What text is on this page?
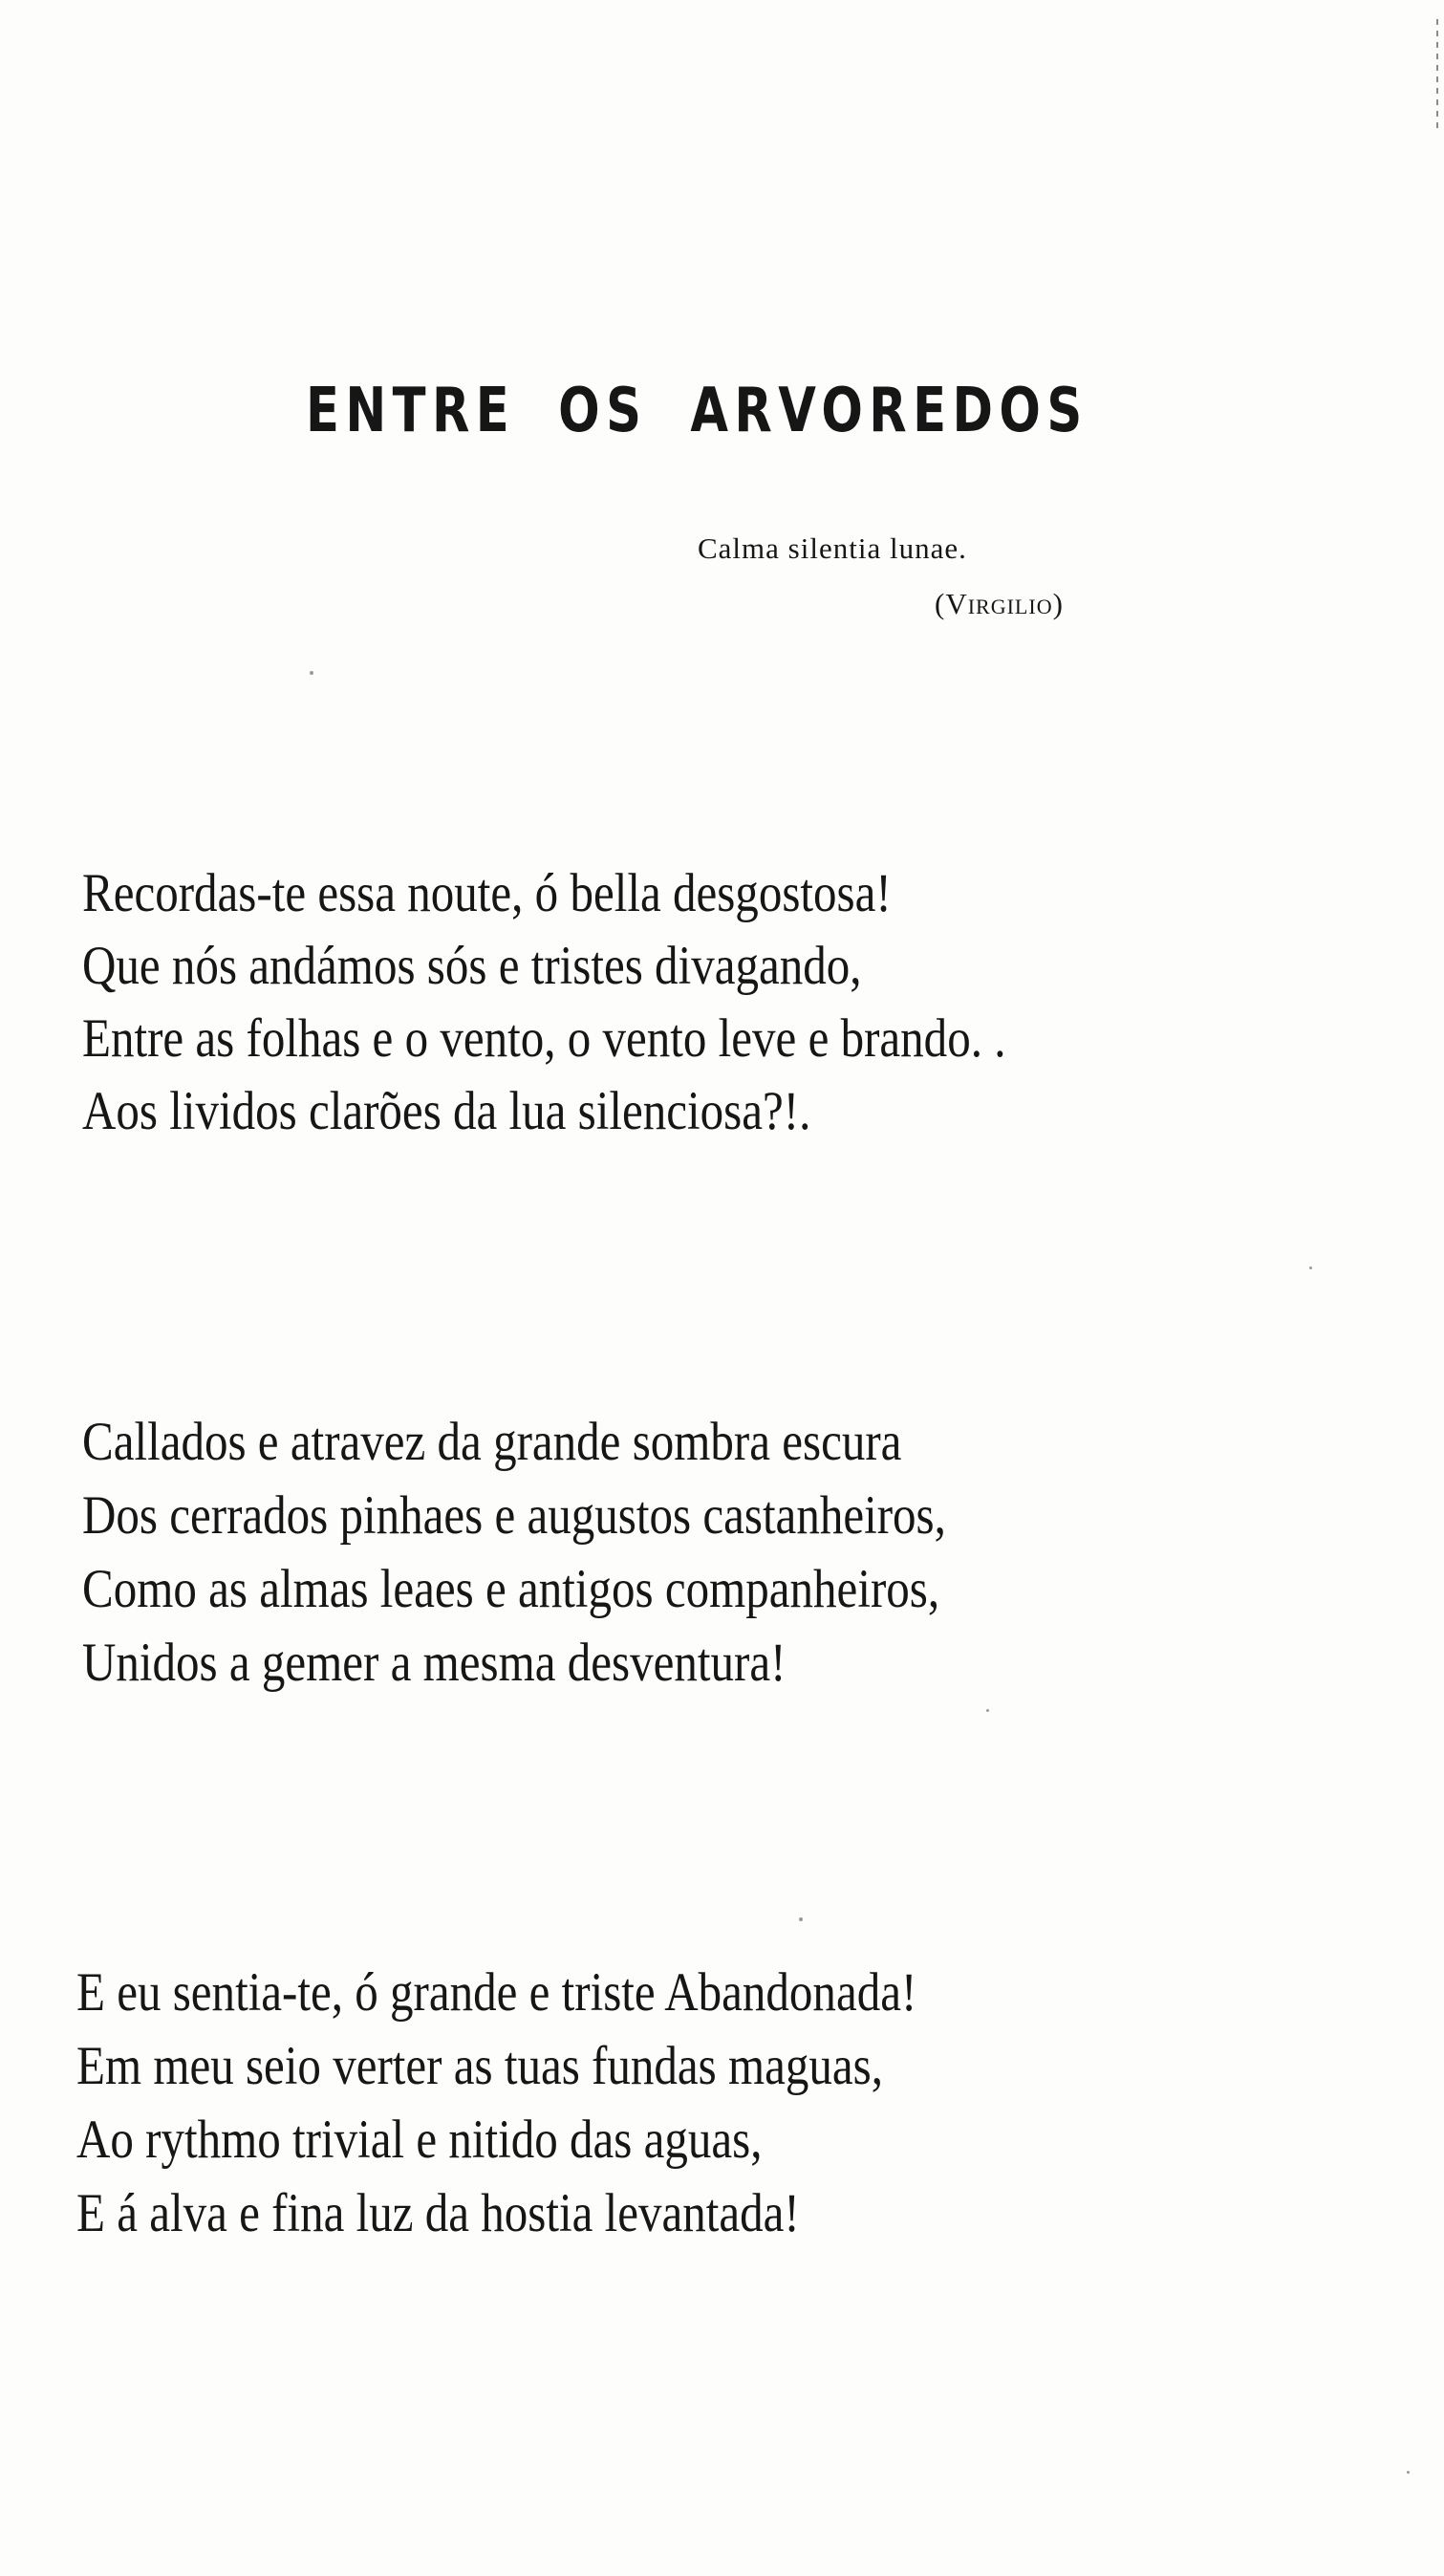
ENTRE OS ARVOREDOS
Calma silentia lunae.
(Virgilio)
Recordas-te essa noute, ó bella desgostosa!
Que nós andámos sós e tristes divagando,
Entre as folhas e o vento, o vento leve e brando. .
Aos lividos clarões da lua silenciosa?!.
Callados e atravez da grande sombra escura
Dos cerrados pinhaes e augustos castanheiros,
Como as almas leaes e antigos companheiros,
Unidos a gemer a mesma desventura!
E eu sentia-te, ó grande e triste Abandonada!
Em meu seio verter as tuas fundas maguas,
Ao rythmo trivial e nitido das aguas,
E á alva e fina luz da hostia levantada!
